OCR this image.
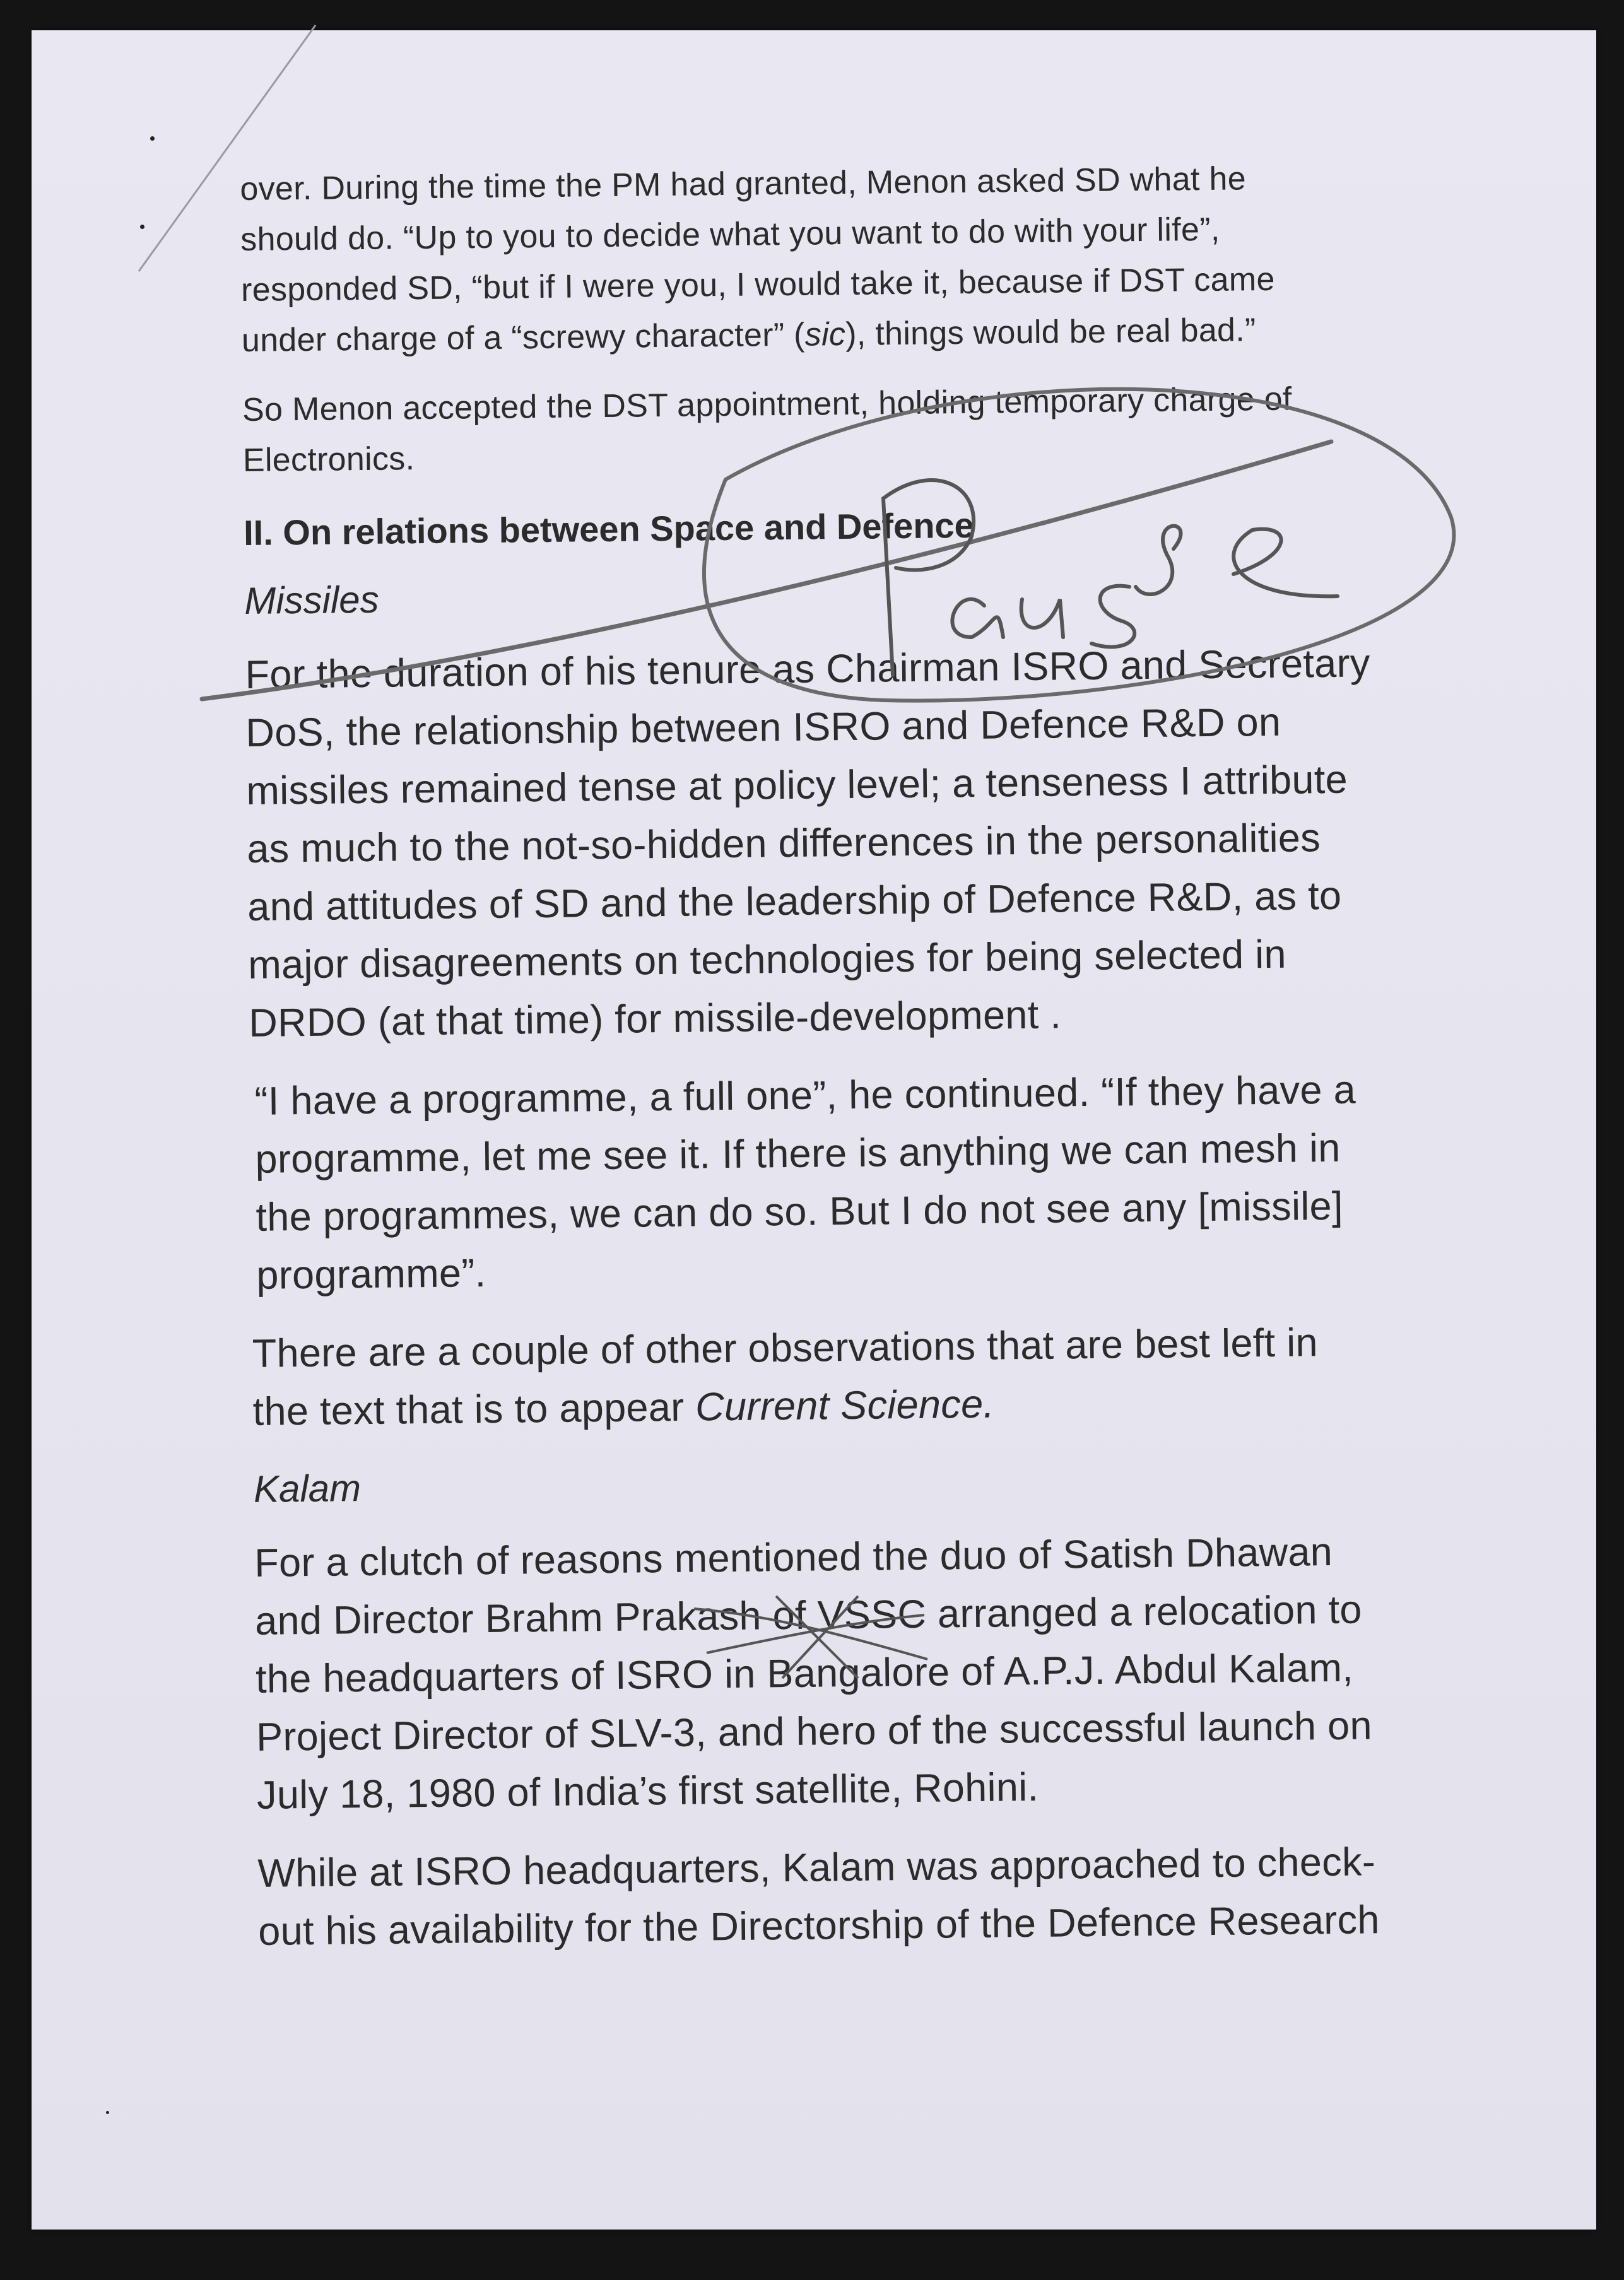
over. During the time the PM had granted, Menon asked SD what he
should do. “Up to you to decide what you want to do with your life”,
responded SD, “but if I were you, I would take it, because if DST came
under charge of a “screwy character” (sic), things would be real bad.”

So Menon accepted the DST appointment, holding temporary charge of
Electronics.

II. On relations between Space and Defence
Missiles

For the duration of his tenure as Chairman ISRO and Secretary
DoS, the relationship between ISRO and Defence R&D on
missiles remained tense at policy level; a tenseness I attribute
as much to the not-so-hidden differences in the personalities
and attitudes of SD and the leadership of Defence R&D, as to
major disagreements on technologies for being selected in
DRDO (at that time) for missile-development .

“I have a programme, a full one”, he continued. “If they have a
programme, let me see it. If there is anything we can mesh in
the programmes, we can do so. But I do not see any [missile]
programme”.

There are a couple of other observations that are best left in
the text that is to appear Current Science.

Kalam

For a clutch of reasons mentioned the duo of Satish Dhawan
and Director Brahm Prakash of VSSC arranged a relocation to
the headquarters of ISRO in Bangalore of A.P.J. Abdul Kalam,
Project Director of SLV-3, and hero of the successful launch on
July 18, 1980 of India’s first satellite, Rohini.

While at ISRO headquarters, Kalam was approached to check-
out his availability for the Directorship of the Defence Research
